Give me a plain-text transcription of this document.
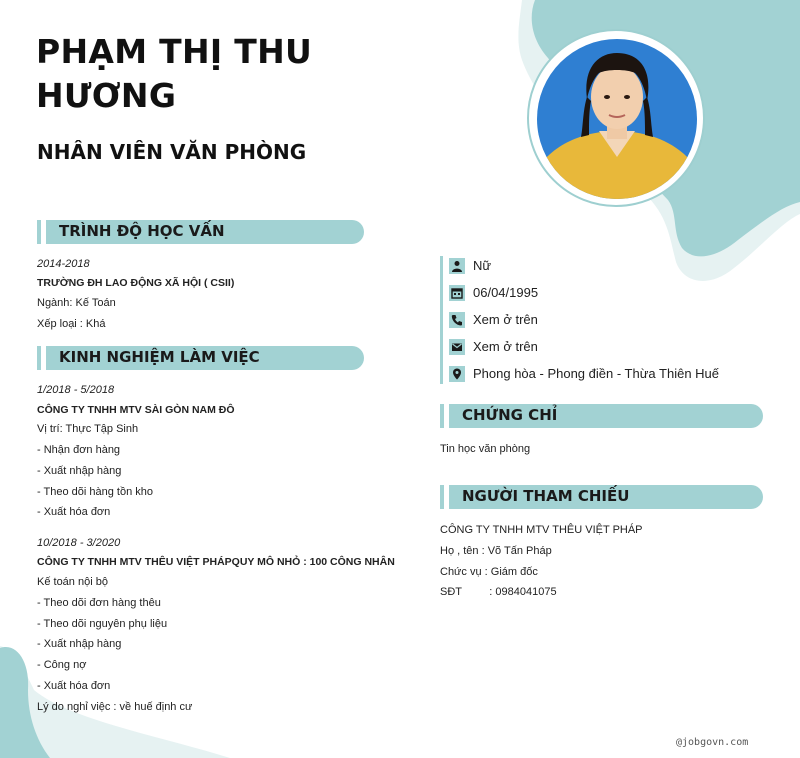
PHẠM THỊ THU HƯƠNG
NHÂN VIÊN VĂN PHÒNG
TRÌNH ĐỘ HỌC VẤN
2014-2018
TRƯỜNG ĐH LAO ĐỘNG XÃ HỘI ( CSII)
Ngành: Kế Toán
Xếp loại : Khá
KINH NGHIỆM LÀM VIỆC
1/2018 - 5/2018
CÔNG TY TNHH MTV SÀI GÒN NAM ĐÔ
Vị trí: Thực Tập Sinh
- Nhận đơn hàng
- Xuất nhập hàng
- Theo dõi hàng tồn kho
- Xuất hóa đơn
10/2018 - 3/2020
CÔNG TY TNHH MTV THÊU VIỆT PHÁPQUY MÔ NHỎ : 100 CÔNG NHÂN
Kế toán nội bộ
- Theo dõi đơn hàng thêu
- Theo dõi nguyên phụ liệu
- Xuất nhập hàng
- Công nợ
- Xuất hóa đơn
Lý do nghỉ việc : về huế định cư
Nữ
06/04/1995
Xem ở trên
Xem ở trên
Phong hòa - Phong điền - Thừa Thiên Huế
CHỨNG CHỈ
Tin học văn phòng
NGƯỜI THAM CHIẾU
CÔNG TY TNHH MTV THÊU VIỆT PHÁP
Họ , tên : Võ Tấn Pháp
Chức vụ : Giám đốc
SĐT         : 0984041075
@jobgovn.com
